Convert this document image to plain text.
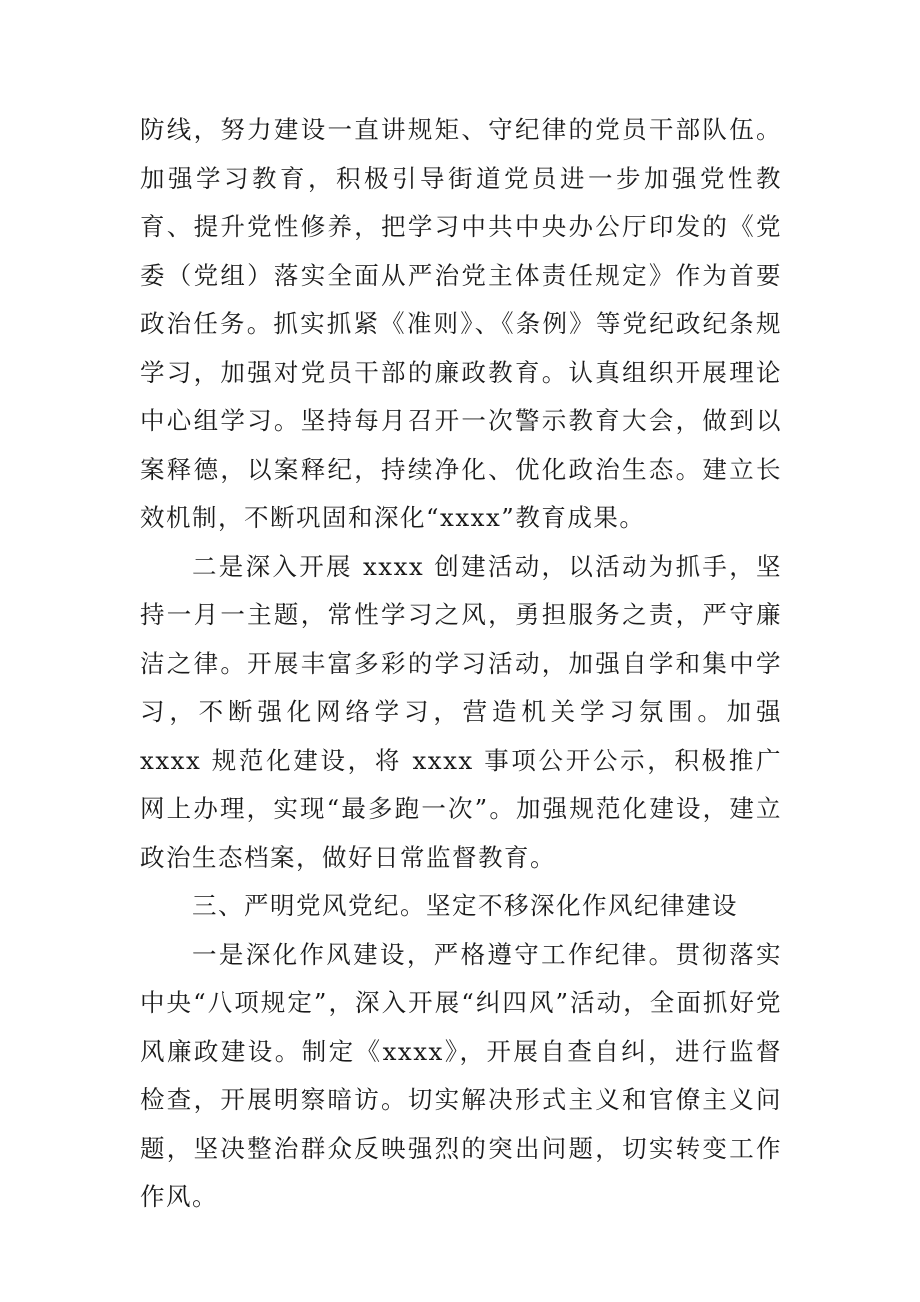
防线，努力建设一直讲规矩、守纪律的党员干部队伍。加强学习教育，积极引导街道党员进一步加强党性教育、提升党性修养，把学习中共中央办公厅印发的《党委（党组）落实全面从严治党主体责任规定》作为首要政治任务。抓实抓紧《准则》、《条例》等党纪政纪条规学习，加强对党员干部的廉政教育。认真组织开展理论中心组学习。坚持每月召开一次警示教育大会，做到以案释德，以案释纪，持续净化、优化政治生态。建立长效机制，不断巩固和深化“xxxx”教育成果。

二是深入开展 xxxx 创建活动，以活动为抓手，坚持一月一主题，常性学习之风，勇担服务之责，严守廉洁之律。开展丰富多彩的学习活动，加强自学和集中学习，不断强化网络学习，营造机关学习氛围。加强 xxxx 规范化建设，将 xxxx 事项公开公示，积极推广网上办理，实现“最多跑一次”。加强规范化建设，建立政治生态档案，做好日常监督教育。

三、严明党风党纪。坚定不移深化作风纪律建设

一是深化作风建设，严格遵守工作纪律。贯彻落实中央“八项规定”，深入开展“纠四风”活动，全面抓好党风廉政建设。制定《xxxx》，开展自查自纠，进行监督检查，开展明察暗访。切实解决形式主义和官僚主义问题，坚决整治群众反映强烈的突出问题，切实转变工作作风。
